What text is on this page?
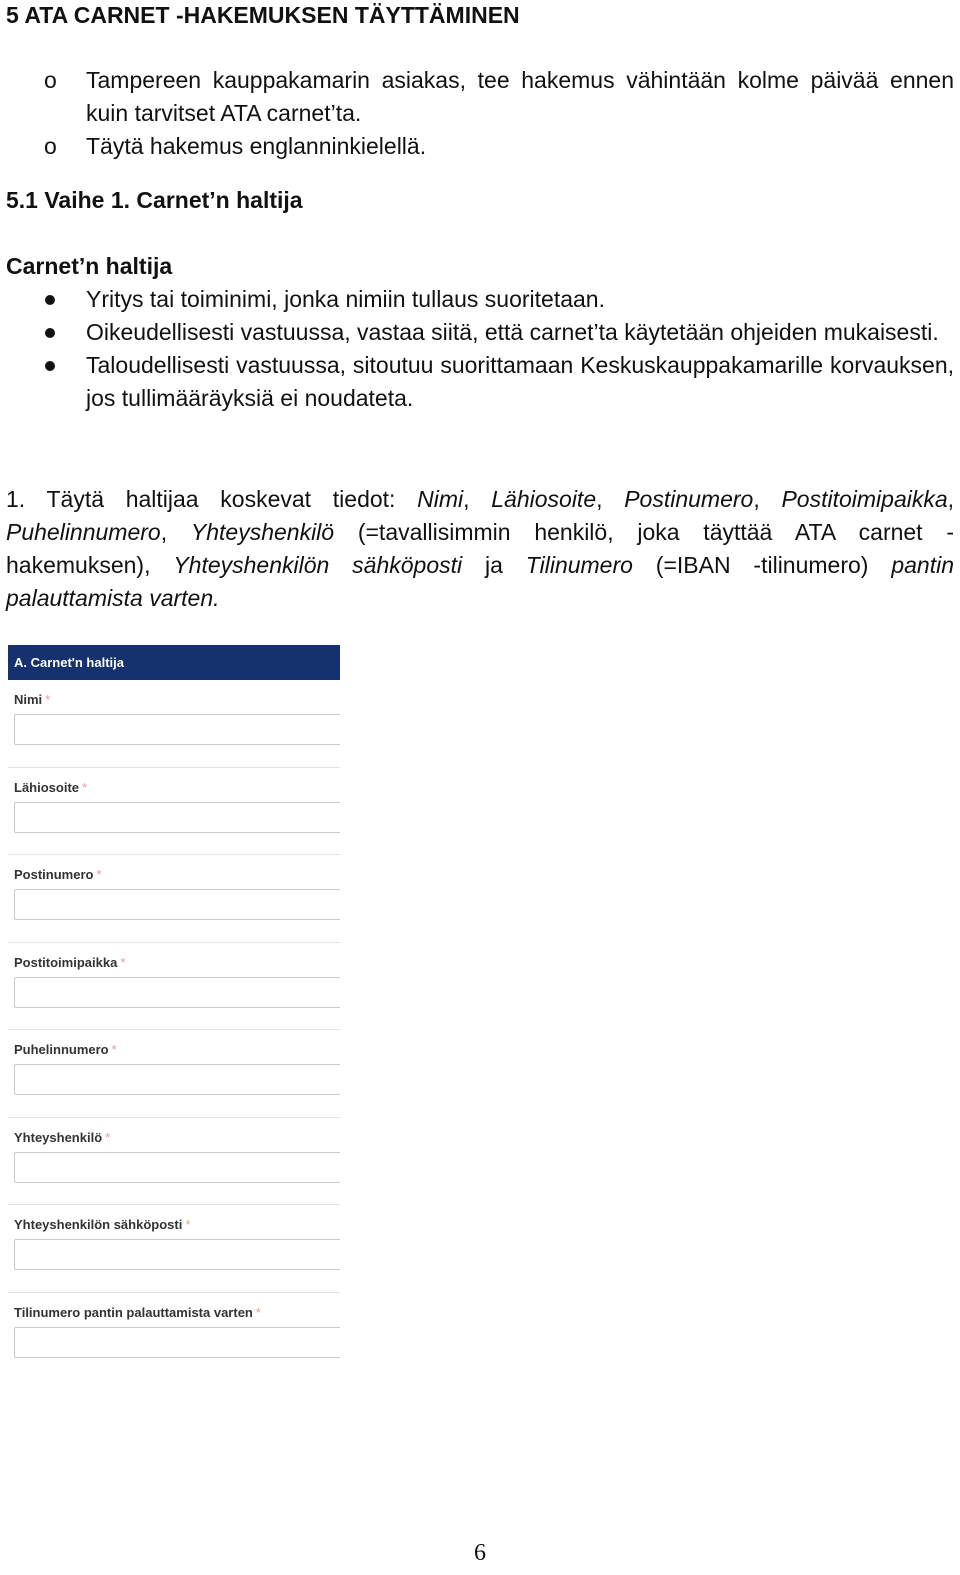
5 ATA CARNET -HAKEMUKSEN TÄYTTÄMINEN
o Tampereen kauppakamarin asiakas, tee hakemus vähintään kolme päivää ennen kuin tarvitset ATA carnet’ta.
o Täytä hakemus englanninkielellä.
5.1 Vaihe 1. Carnet’n haltija
Carnet’n haltija
Yritys tai toiminimi, jonka nimiin tullaus suoritetaan.
Oikeudellisesti vastuussa, vastaa siitä, että carnet’ta käytetään ohjeiden mukaisesti.
Taloudellisesti vastuussa, sitoutuu suorittamaan Keskuskauppakamarille korvauksen, jos tullimääräyksiä ei noudateta.
1. Täytä haltijaa koskevat tiedot: Nimi, Lähiosoite, Postinumero, Postitoimipaikka, Puhelinnumero, Yhteyshenkilö (=tavallisimmin henkilö, joka täyttää ATA carnet -hakemuksen), Yhteyshenkilön sähköposti ja Tilinumero (=IBAN -tilinumero) pantin palauttamista varten.
A. Carnet'n haltija
Nimi *
Lähiosoite *
Postinumero *
Postitoimipaikka *
Puhelinnumero *
Yhteyshenkilö *
Yhteyshenkilön sähköposti *
Tilinumero pantin palauttamista varten *
6
